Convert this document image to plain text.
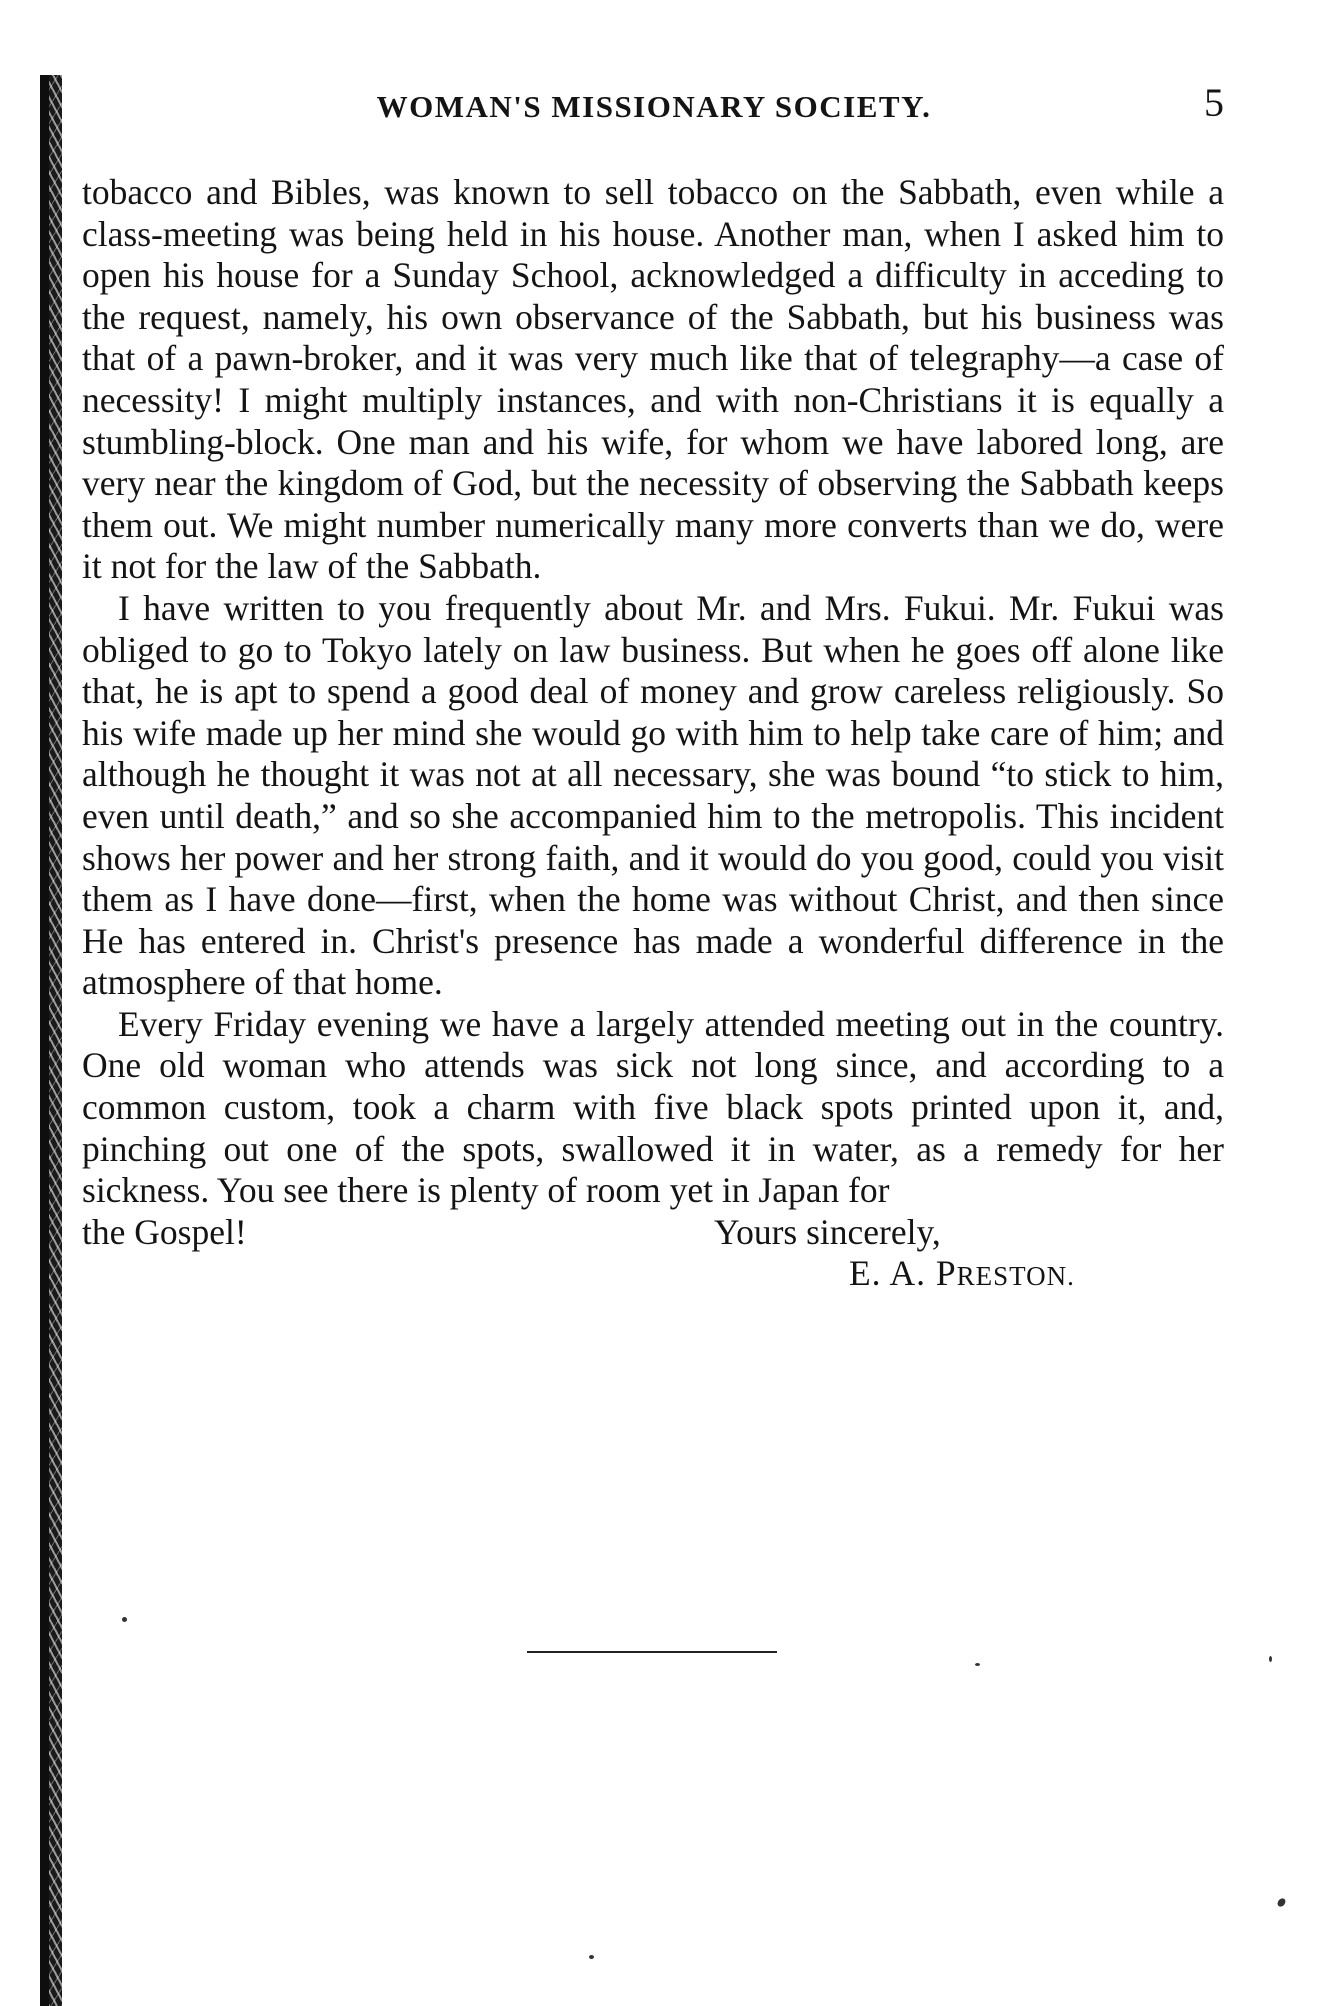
WOMAN'S MISSIONARY SOCIETY.	5

tobacco and Bibles, was known to sell tobacco on the Sabbath, even while a class-meeting was being held in his house. Another man, when I asked him to open his house for a Sunday School, acknowledged a difficulty in acceding to the request, namely, his own observance of the Sabbath, but his business was that of a pawn-broker, and it was very much like that of telegraphy—a case of necessity! I might multiply instances, and with non-Christians it is equally a stumbling-block. One man and his wife, for whom we have labored long, are very near the kingdom of God, but the necessity of observing the Sabbath keeps them out. We might number numerically many more converts than we do, were it not for the law of the Sabbath.

I have written to you frequently about Mr. and Mrs. Fukui. Mr. Fukui was obliged to go to Tokyo lately on law business. But when he goes off alone like that, he is apt to spend a good deal of money and grow careless religiously. So his wife made up her mind she would go with him to help take care of him; and although he thought it was not at all necessary, she was bound “to stick to him, even until death,” and so she accompanied him to the metropolis. This incident shows her power and her strong faith, and it would do you good, could you visit them as I have done—first, when the home was without Christ, and then since He has entered in. Christ's presence has made a wonderful difference in the atmosphere of that home.

Every Friday evening we have a largely attended meeting out in the country. One old woman who attends was sick not long since, and according to a common custom, took a charm with five black spots printed upon it, and, pinching out one of the spots, swallowed it in water, as a remedy for her sickness. You see there is plenty of room yet in Japan for

the Gospel!	Yours sincerely,
E. A. PRESTON.
